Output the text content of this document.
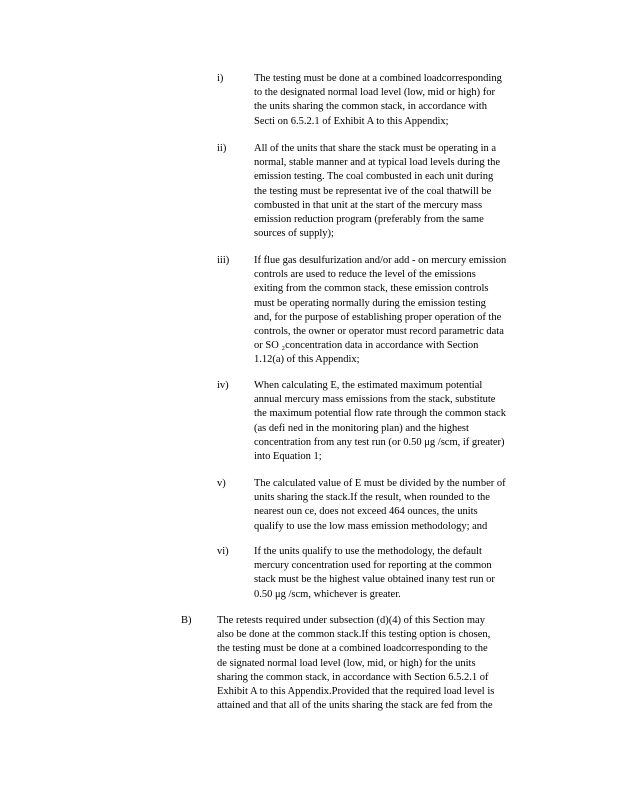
i)	The testing must be done at a combined loadcorresponding
to the designated normal load level (low, mid or high) for
the units sharing the common stack, in accordance with
Secti on 6.5.2.1 of Exhibit A to this Appendix;
ii)	All of the units that share the stack must be operating in a
normal, stable manner and at typical load levels during the
emission testing. The coal combusted in each unit during
the testing must be representat ive of the coal thatwill be
combusted in that unit at the start of the mercury mass
emission reduction program (preferably from the same
sources of supply);
iii) If flue gas desulfurization and/or add - on mercury emission
controls are used to reduce the level of the emissions
exiting from the common stack, these emission controls
must be operating normally during the emission testing
and, for the purpose of establishing proper operation of the
controls, the owner or operator must record parametric data
or SO ₂concentration data in accordance with Section
1.12(a) of this Appendix;
iv) When calculating E, the estimated maximum potential
annual mercury mass emissions from the stack, substitute
the maximum potential flow rate through the common stack
(as defi ned in the monitoring plan) and the highest
concentration from any test run (or 0.50 μg /scm, if greater)
into Equation 1;
v)	The calculated value of E must be divided by the number of
units sharing the stack.If the result, when rounded to the
nearest oun ce, does not exceed 464 ounces, the units
qualify to use the low mass emission methodology; and
vi) If the units qualify to use the methodology, the default
mercury concentration used for reporting at the common
stack must be the highest value obtained inany test run or
0.50 μg /scm, whichever is greater.
B) The retests required under subsection (d)(4) of this Section may
also be done at the common stack.If this testing option is chosen,
the testing must be done at a combined loadcorresponding to the
de signated normal load level (low, mid, or high) for the units
sharing the common stack, in accordance with Section 6.5.2.1 of
Exhibit A to this Appendix.Provided that the required load level is
attained and that all of the units sharing the stack are fed from the
